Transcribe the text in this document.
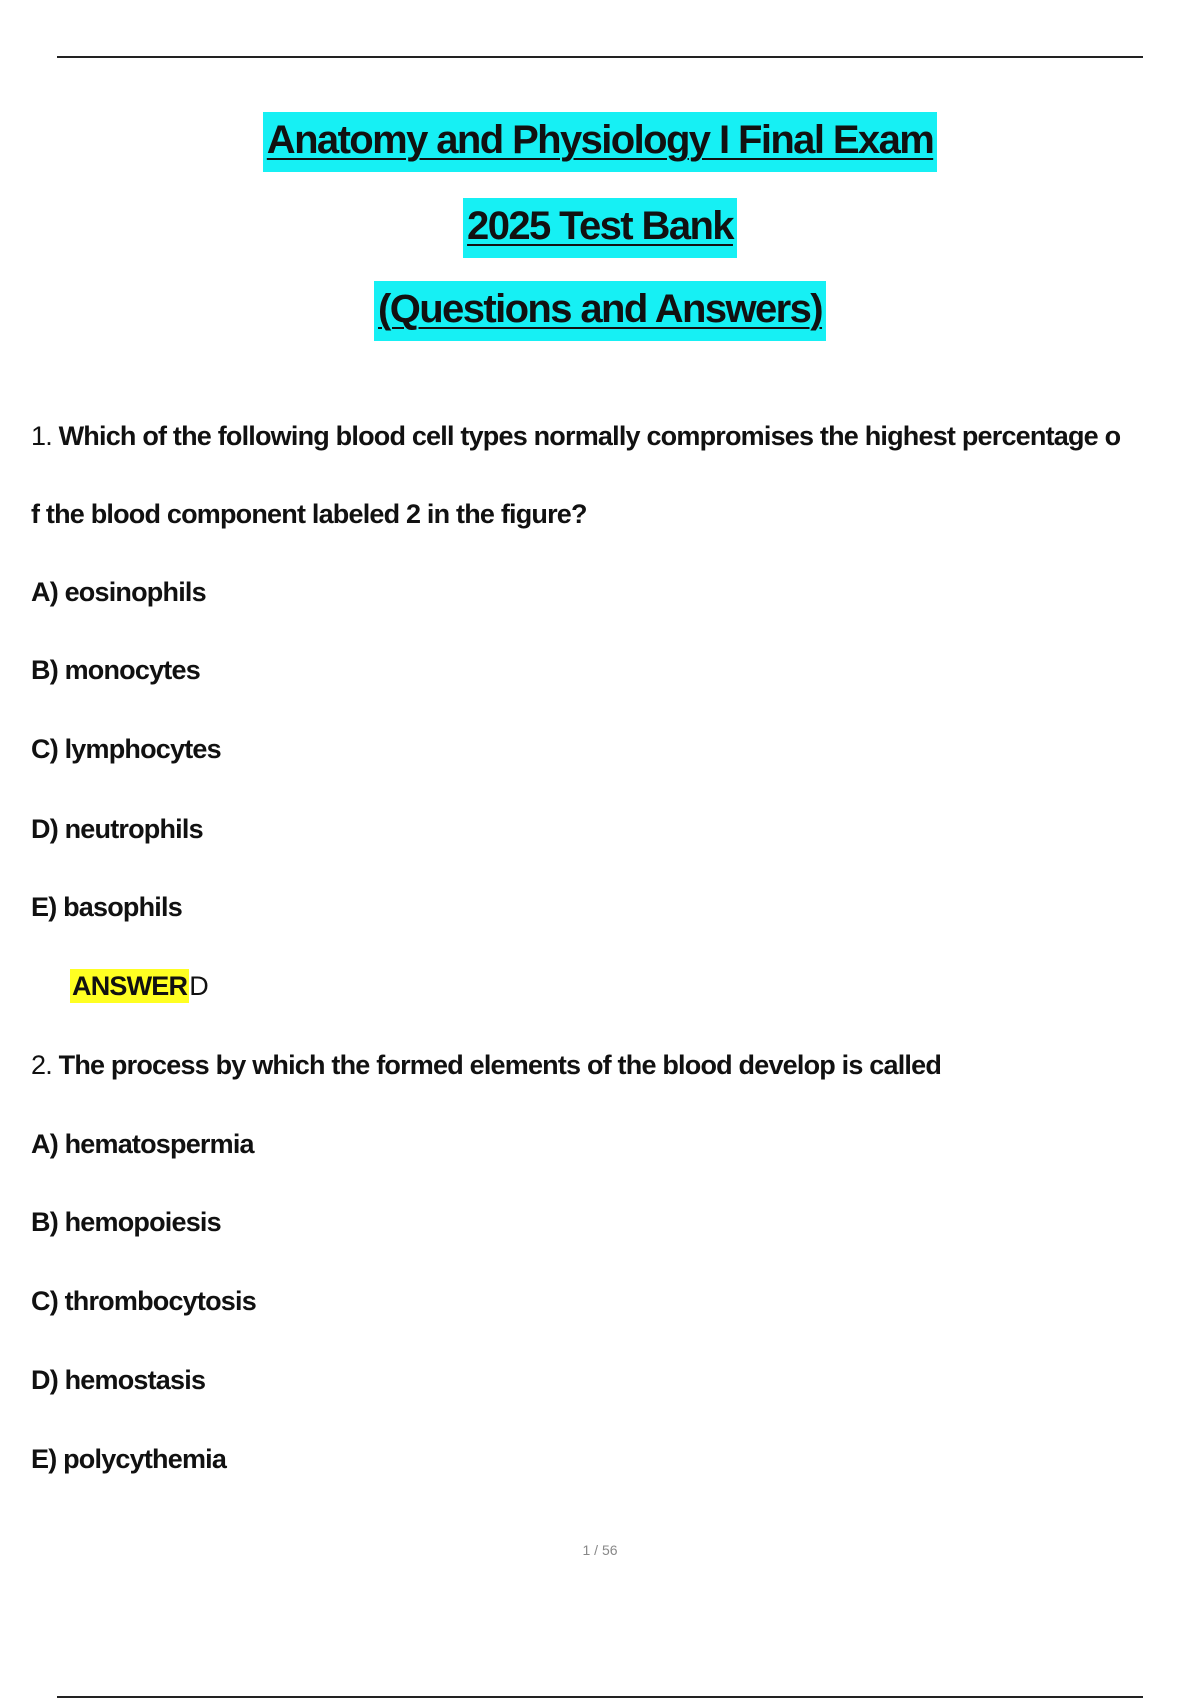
Anatomy and Physiology I Final Exam
2025 Test Bank
(Questions and Answers)
1. Which of the following blood cell types normally compromises the highest percentage o
f the blood component labeled 2 in the figure?
A) eosinophils
B) monocytes
C) lymphocytes
D) neutrophils
E) basophils
ANSWERD
2. The process by which the formed elements of the blood develop is called
A) hematospermia
B) hemopoiesis
C) thrombocytosis
D) hemostasis
E) polycythemia
1 / 56
